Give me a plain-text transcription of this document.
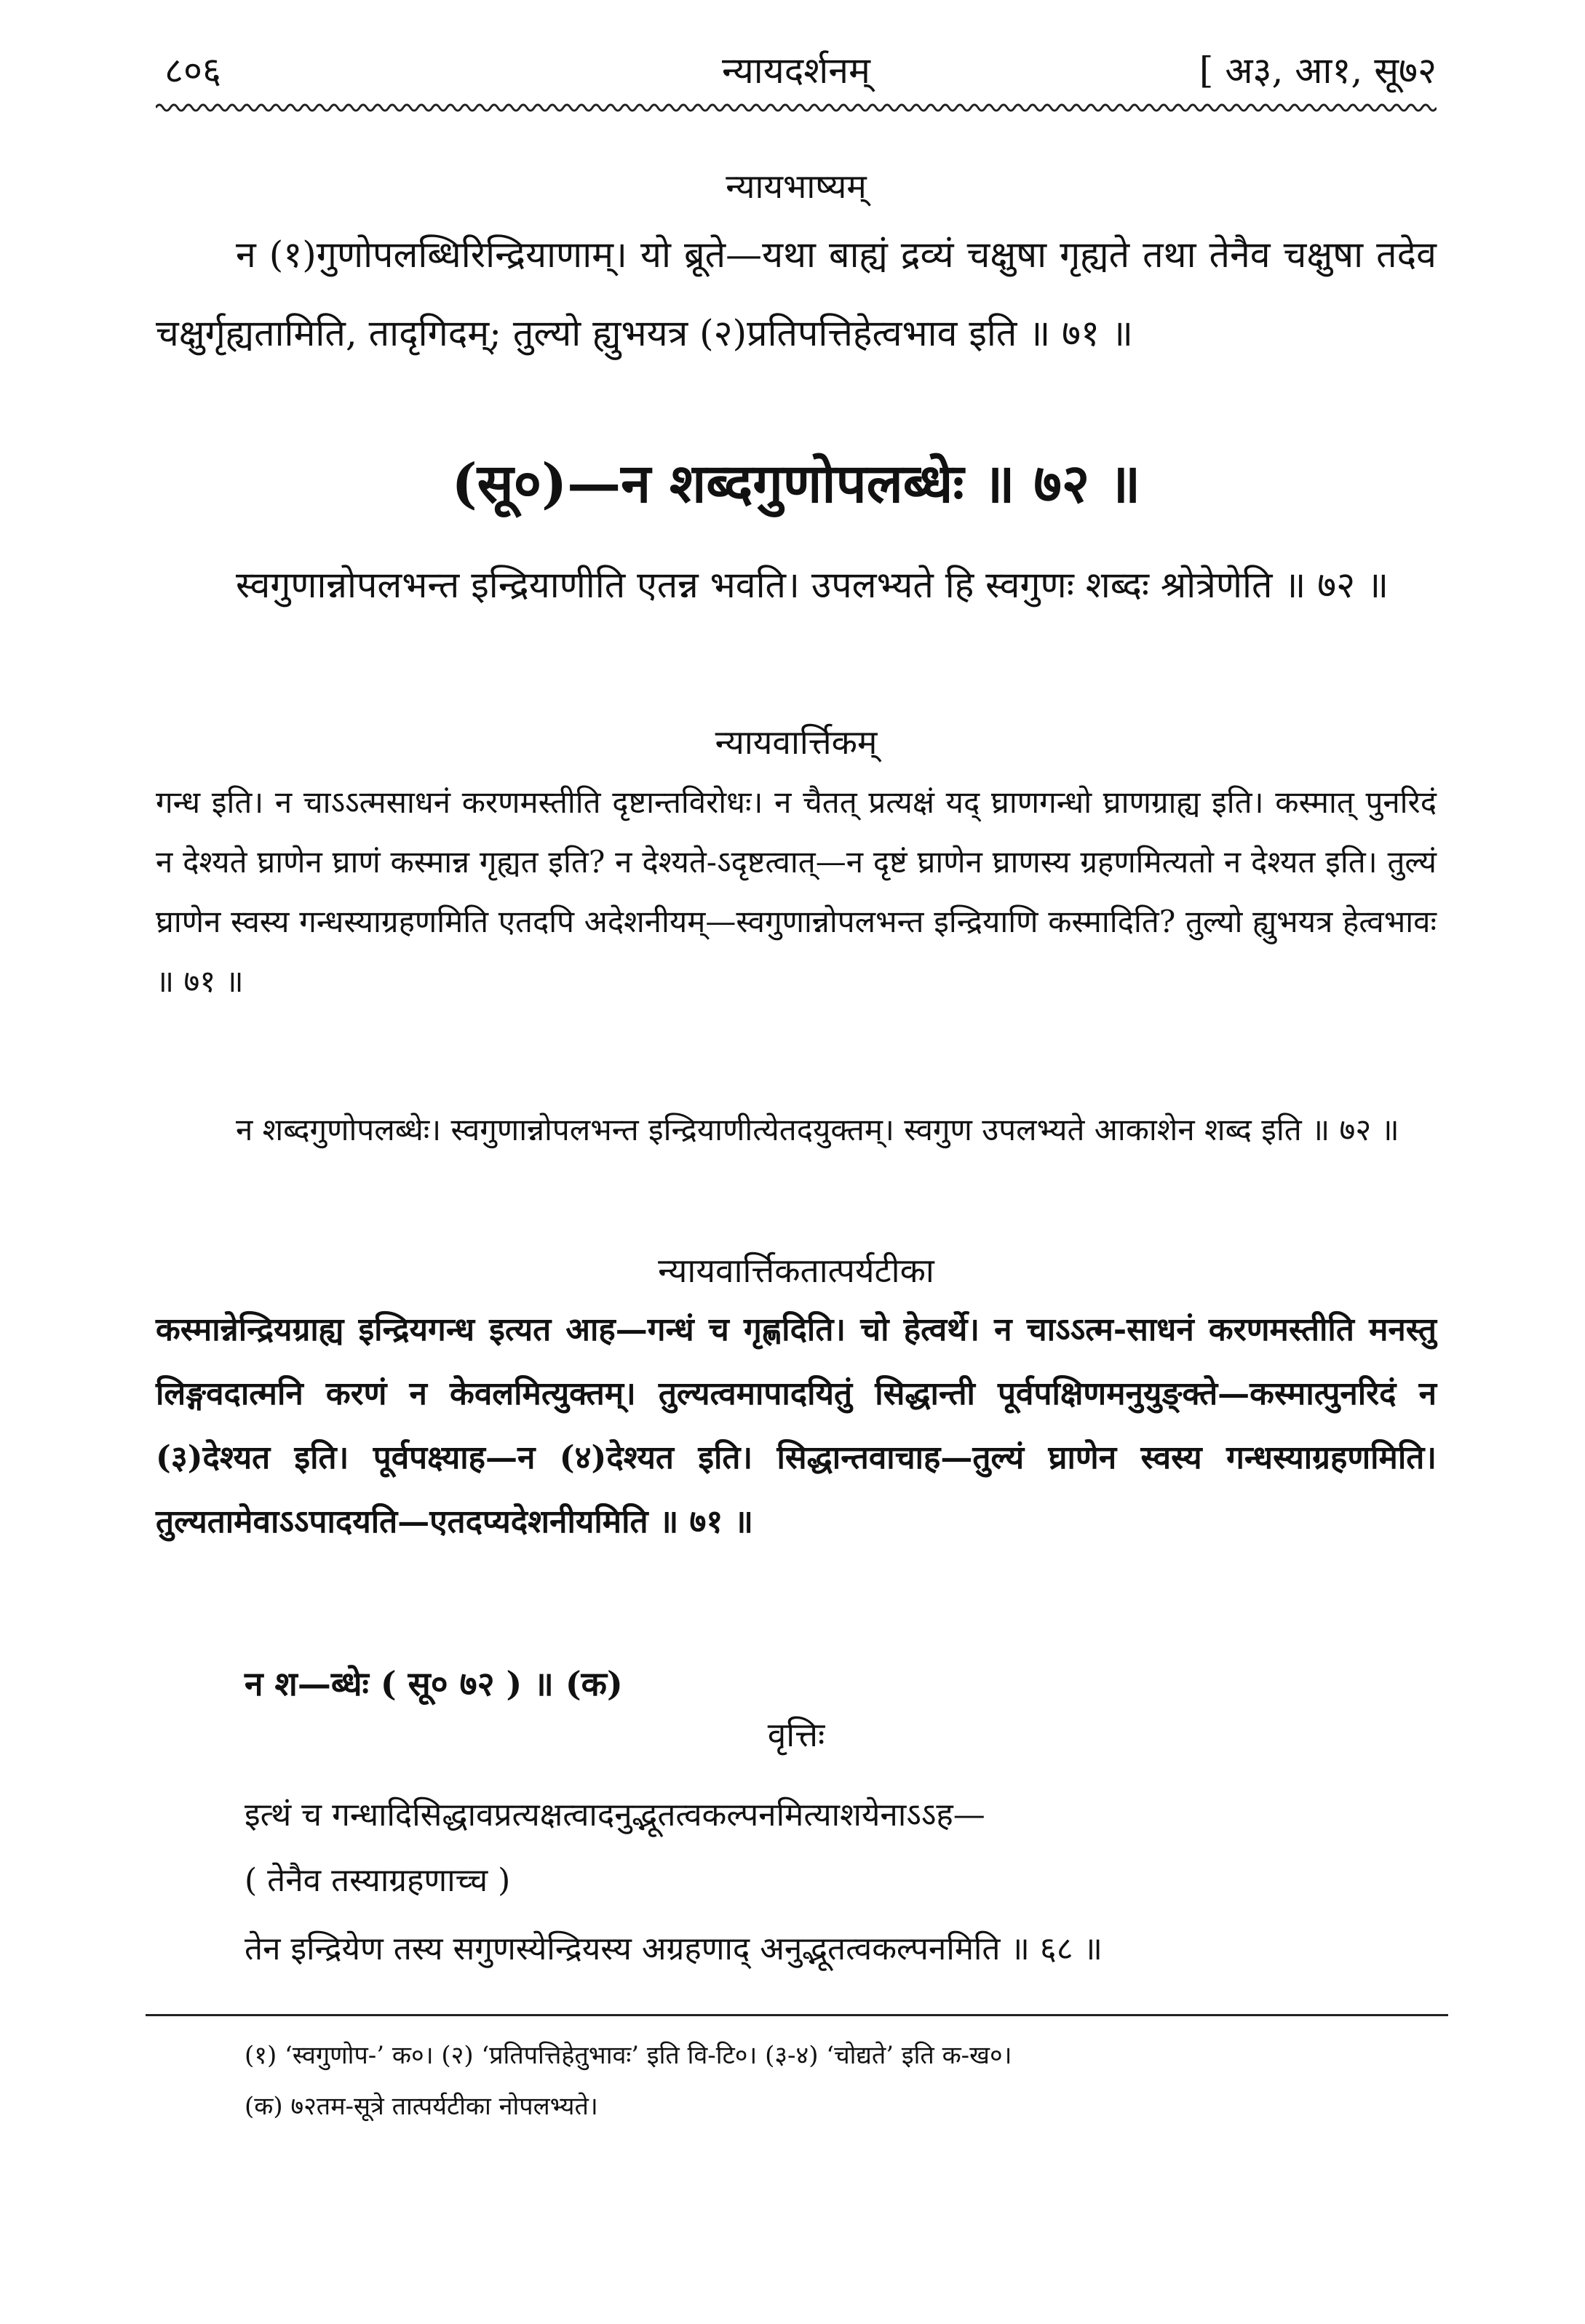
८०६	न्यायदर्शनम्	[ अ३, आ१, सू७२
न्यायभाष्यम्
न (१)गुणोपलब्धिरिन्द्रियाणाम्। यो ब्रूते—यथा बाह्यं द्रव्यं चक्षुषा गृह्यते तथा तेनैव चक्षुषा तदेव चक्षुर्गृह्यतामिति, तादृगिदम्; तुल्यो ह्युभयत्र (२)प्रतिपत्तिहेत्वभाव इति ॥ ७१ ॥
(सू०)—न शब्दगुणोपलब्धेः ॥ ७२ ॥
स्वगुणान्नोपलभन्त इन्द्रियाणीति एतन्न भवति। उपलभ्यते हि स्वगुणः शब्दः श्रोत्रेणेति ॥ ७२ ॥
न्यायवार्त्तिकम्
गन्ध इति। न चाऽऽत्मसाधनं करणमस्तीति दृष्टान्तविरोधः। न चैतत् प्रत्यक्षं यद् घ्राणगन्धो घ्राणग्राह्य इति। कस्मात् पुनरिदं न देश्यते घ्राणेन घ्राणं कस्मान्न गृह्यत इति? न देश्यते-ऽदृष्टत्वात्—न दृष्टं घ्राणेन घ्राणस्य ग्रहणमित्यतो न देश्यत इति। तुल्यं घ्राणेन स्वस्य गन्धस्याग्रहणमिति एतदपि अदेशनीयम्—स्वगुणान्नोपलभन्त इन्द्रियाणि कस्मादिति? तुल्यो ह्युभयत्र हेत्वभावः ॥ ७१ ॥
न शब्दगुणोपलब्धेः। स्वगुणान्नोपलभन्त इन्द्रियाणीत्येतदयुक्तम्। स्वगुण उपलभ्यते आकाशेन शब्द इति ॥ ७२ ॥
न्यायवार्त्तिकतात्पर्यटीका
कस्मान्नेन्द्रियग्राह्य इन्द्रियगन्ध इत्यत आह—गन्धं च गृह्णदिति। चो हेत्वर्थे। न चाऽऽत्म-साधनं करणमस्तीति मनस्तु लिङ्गवदात्मनि करणं न केवलमित्युक्तम्। तुल्यत्वमापादयितुं सिद्धान्ती पूर्वपक्षिणमनुयुङ्क्ते—कस्मात्पुनरिदं न (३)देश्यत इति। पूर्वपक्ष्याह—न (४)देश्यत इति। सिद्धान्तवाचाह—तुल्यं घ्राणेन स्वस्य गन्धस्याग्रहणमिति। तुल्यतामेवाऽऽपादयति—एतदप्यदेशनीयमिति ॥ ७१ ॥
न श—ब्धेः ( सू० ७२ ) ॥ (क)
वृत्तिः
इत्थं च गन्धादिसिद्धावप्रत्यक्षत्वादनुद्भूतत्वकल्पनमित्याशयेनाऽऽह—
( तेनैव तस्याग्रहणाच्च )
तेन इन्द्रियेण तस्य सगुणस्येन्द्रियस्य अग्रहणाद् अनुद्भूतत्वकल्पनमिति ॥ ६८ ॥
(१) ‘स्वगुणोप-’ क०। (२) ‘प्रतिपत्तिहेतुभावः’ इति वि-टि०। (३-४) ‘चोद्यते’ इति क-ख०।
(क) ७२तम-सूत्रे तात्पर्यटीका नोपलभ्यते।
